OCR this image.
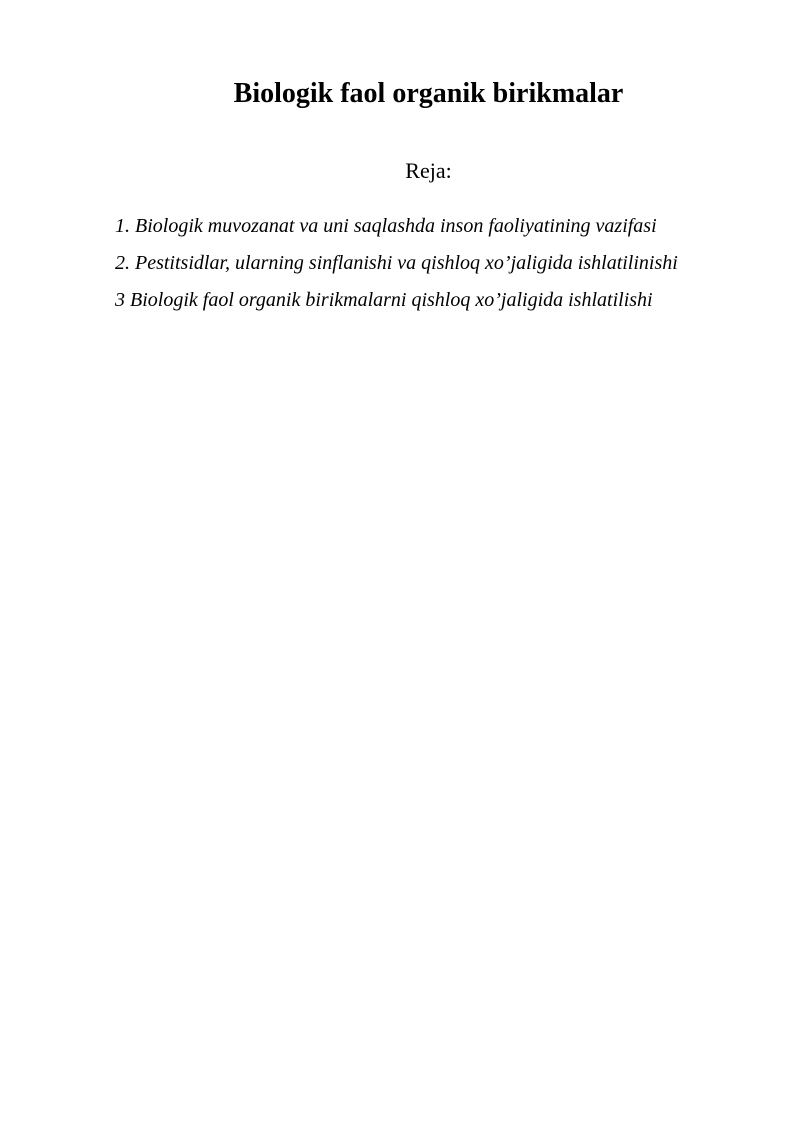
Biologik faol organik birikmalar

Reja:

1. Biologik muvozanat va uni saqlashda inson faoliyatining vazifasi
2. Pestitsidlar, ularning sinflanishi va qishloq xo’jaligida ishlatilinishi
3 Biologik faol organik birikmalarni qishloq xo’jaligida ishlatilishi
